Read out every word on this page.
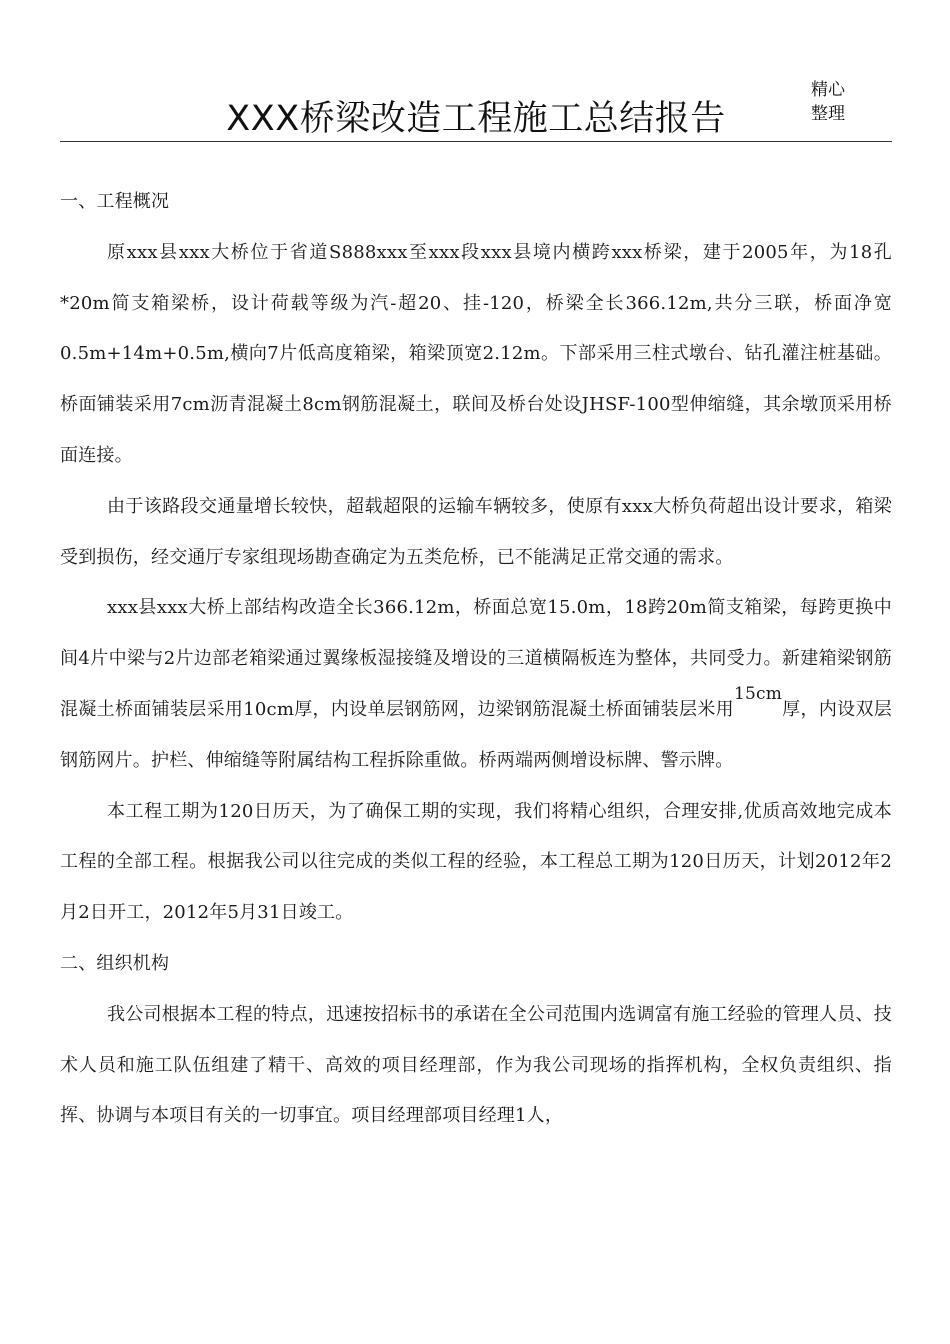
精心
整理
XXX桥梁改造工程施工总结报告

一、工程概况

原xxx县xxx大桥位于省道S888xxx至xxx段xxx县境内横跨xxx桥梁，建于2005年，为18孔*20m简支箱梁桥，设计荷载等级为汽-超20、挂-120，桥梁全长366.12m,共分三联，桥面净宽0.5m+14m+0.5m,横向7片低高度箱梁，箱梁顶宽2.12m。下部采用三柱式墩台、钻孔灌注桩基础。桥面铺装采用7cm沥青混凝土8cm钢筋混凝土，联间及桥台处设JHSF-100型伸缩缝，其余墩顶采用桥面连接。

由于该路段交通量增长较快，超载超限的运输车辆较多，使原有xxx大桥负荷超出设计要求，箱梁受到损伤，经交通厅专家组现场勘查确定为五类危桥，已不能满足正常交通的需求。

xxx县xxx大桥上部结构改造全长366.12m，桥面总宽15.0m，18跨20m简支箱梁，每跨更换中间4片中梁与2片边部老箱梁通过翼缘板湿接缝及增设的三道横隔板连为整体，共同受力。新建箱梁钢筋混凝土桥面铺装层采用10cm厚，内设单层钢筋网，边梁钢筋混凝土桥面铺装层米用15cm厚，内设双层钢筋网片。护栏、伸缩缝等附属结构工程拆除重做。桥两端两侧增设标牌、警示牌。

本工程工期为120日历天，为了确保工期的实现，我们将精心组织，合理安排,优质高效地完成本工程的全部工程。根据我公司以往完成的类似工程的经验，本工程总工期为120日历天，计划2012年2月2日开工，2012年5月31日竣工。

二、组织机构

我公司根据本工程的特点，迅速按招标书的承诺在全公司范围内选调富有施工经验的管理人员、技术人员和施工队伍组建了精干、高效的项目经理部，作为我公司现场的指挥机构，全权负责组织、指挥、协调与本项目有关的一切事宜。项目经理部项目经理1人，
